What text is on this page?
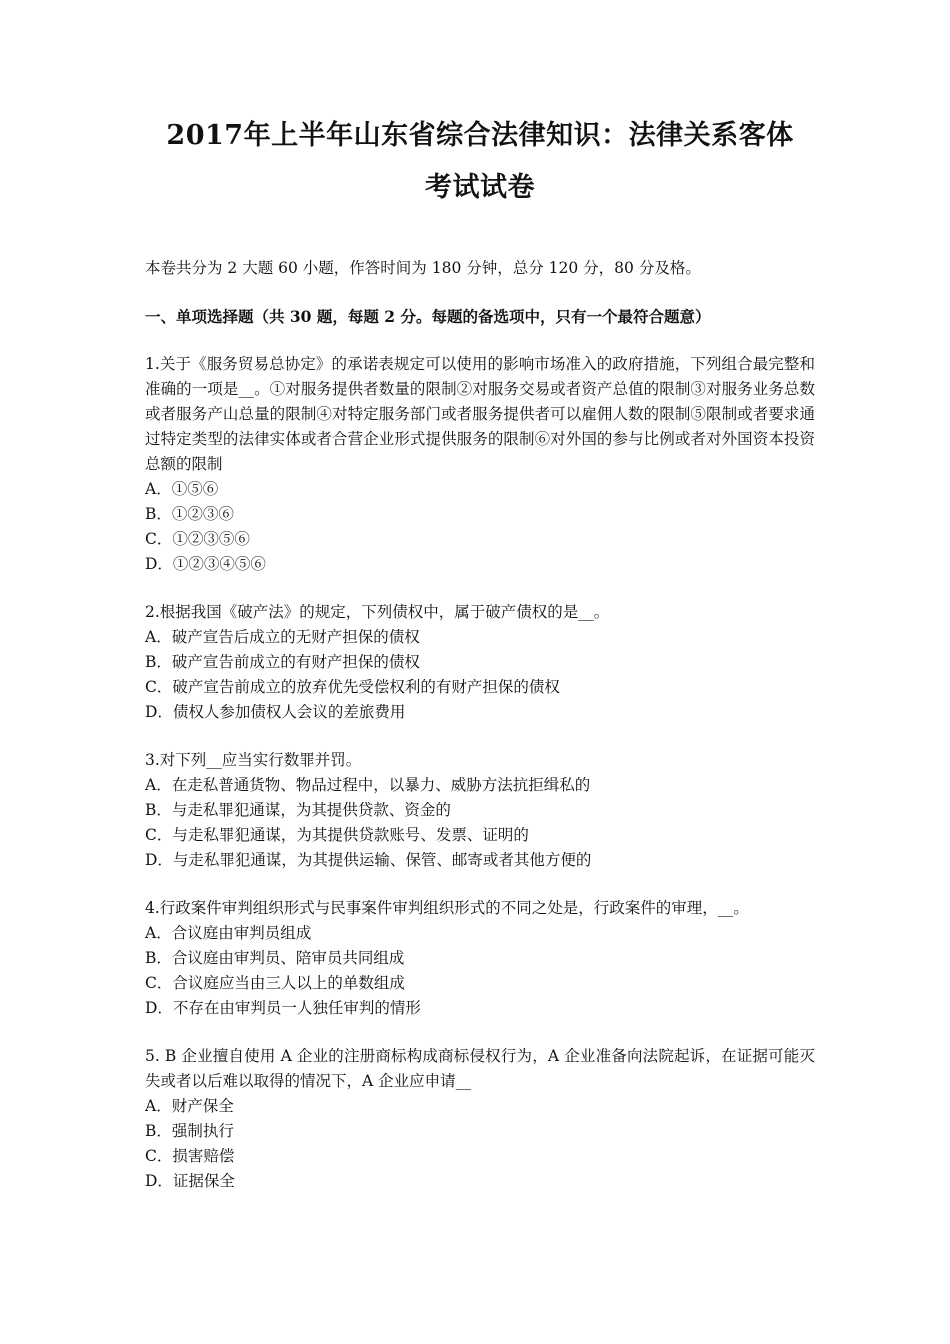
2017年上半年山东省综合法律知识：法律关系客体
考试试卷
本卷共分为 2 大题 60 小题，作答时间为 180 分钟，总分 120 分，80 分及格。
一、单项选择题（共 30 题，每题 2 分。每题的备选项中，只有一个最符合题意）
1.关于《服务贸易总协定》的承诺表规定可以使用的影响市场准入的政府措施，下列组合最完整和准确的一项是__。①对服务提供者数量的限制②对服务交易或者资产总值的限制③对服务业务总数或者服务产山总量的限制④对特定服务部门或者服务提供者可以雇佣人数的限制⑤限制或者要求通过特定类型的法律实体或者合营企业形式提供服务的限制⑥对外国的参与比例或者对外国资本投资总额的限制
A．①⑤⑥
B．①②③⑥
C．①②③⑤⑥
D．①②③④⑤⑥
2.根据我国《破产法》的规定，下列债权中，属于破产债权的是__。
A．破产宣告后成立的无财产担保的债权
B．破产宣告前成立的有财产担保的债权
C．破产宣告前成立的放弃优先受偿权利的有财产担保的债权
D．债权人参加债权人会议的差旅费用
3.对下列__应当实行数罪并罚。
A．在走私普通货物、物品过程中，以暴力、威胁方法抗拒缉私的
B．与走私罪犯通谋，为其提供贷款、资金的
C．与走私罪犯通谋，为其提供贷款账号、发票、证明的
D．与走私罪犯通谋，为其提供运输、保管、邮寄或者其他方便的
4.行政案件审判组织形式与民事案件审判组织形式的不同之处是，行政案件的审理，__。
A．合议庭由审判员组成
B．合议庭由审判员、陪审员共同组成
C．合议庭应当由三人以上的单数组成
D．不存在由审判员一人独任审判的情形
5. B 企业擅自使用 A 企业的注册商标构成商标侵权行为，A 企业准备向法院起诉，在证据可能灭失或者以后难以取得的情况下，A 企业应申请__
A．财产保全
B．强制执行
C．损害赔偿
D．证据保全
